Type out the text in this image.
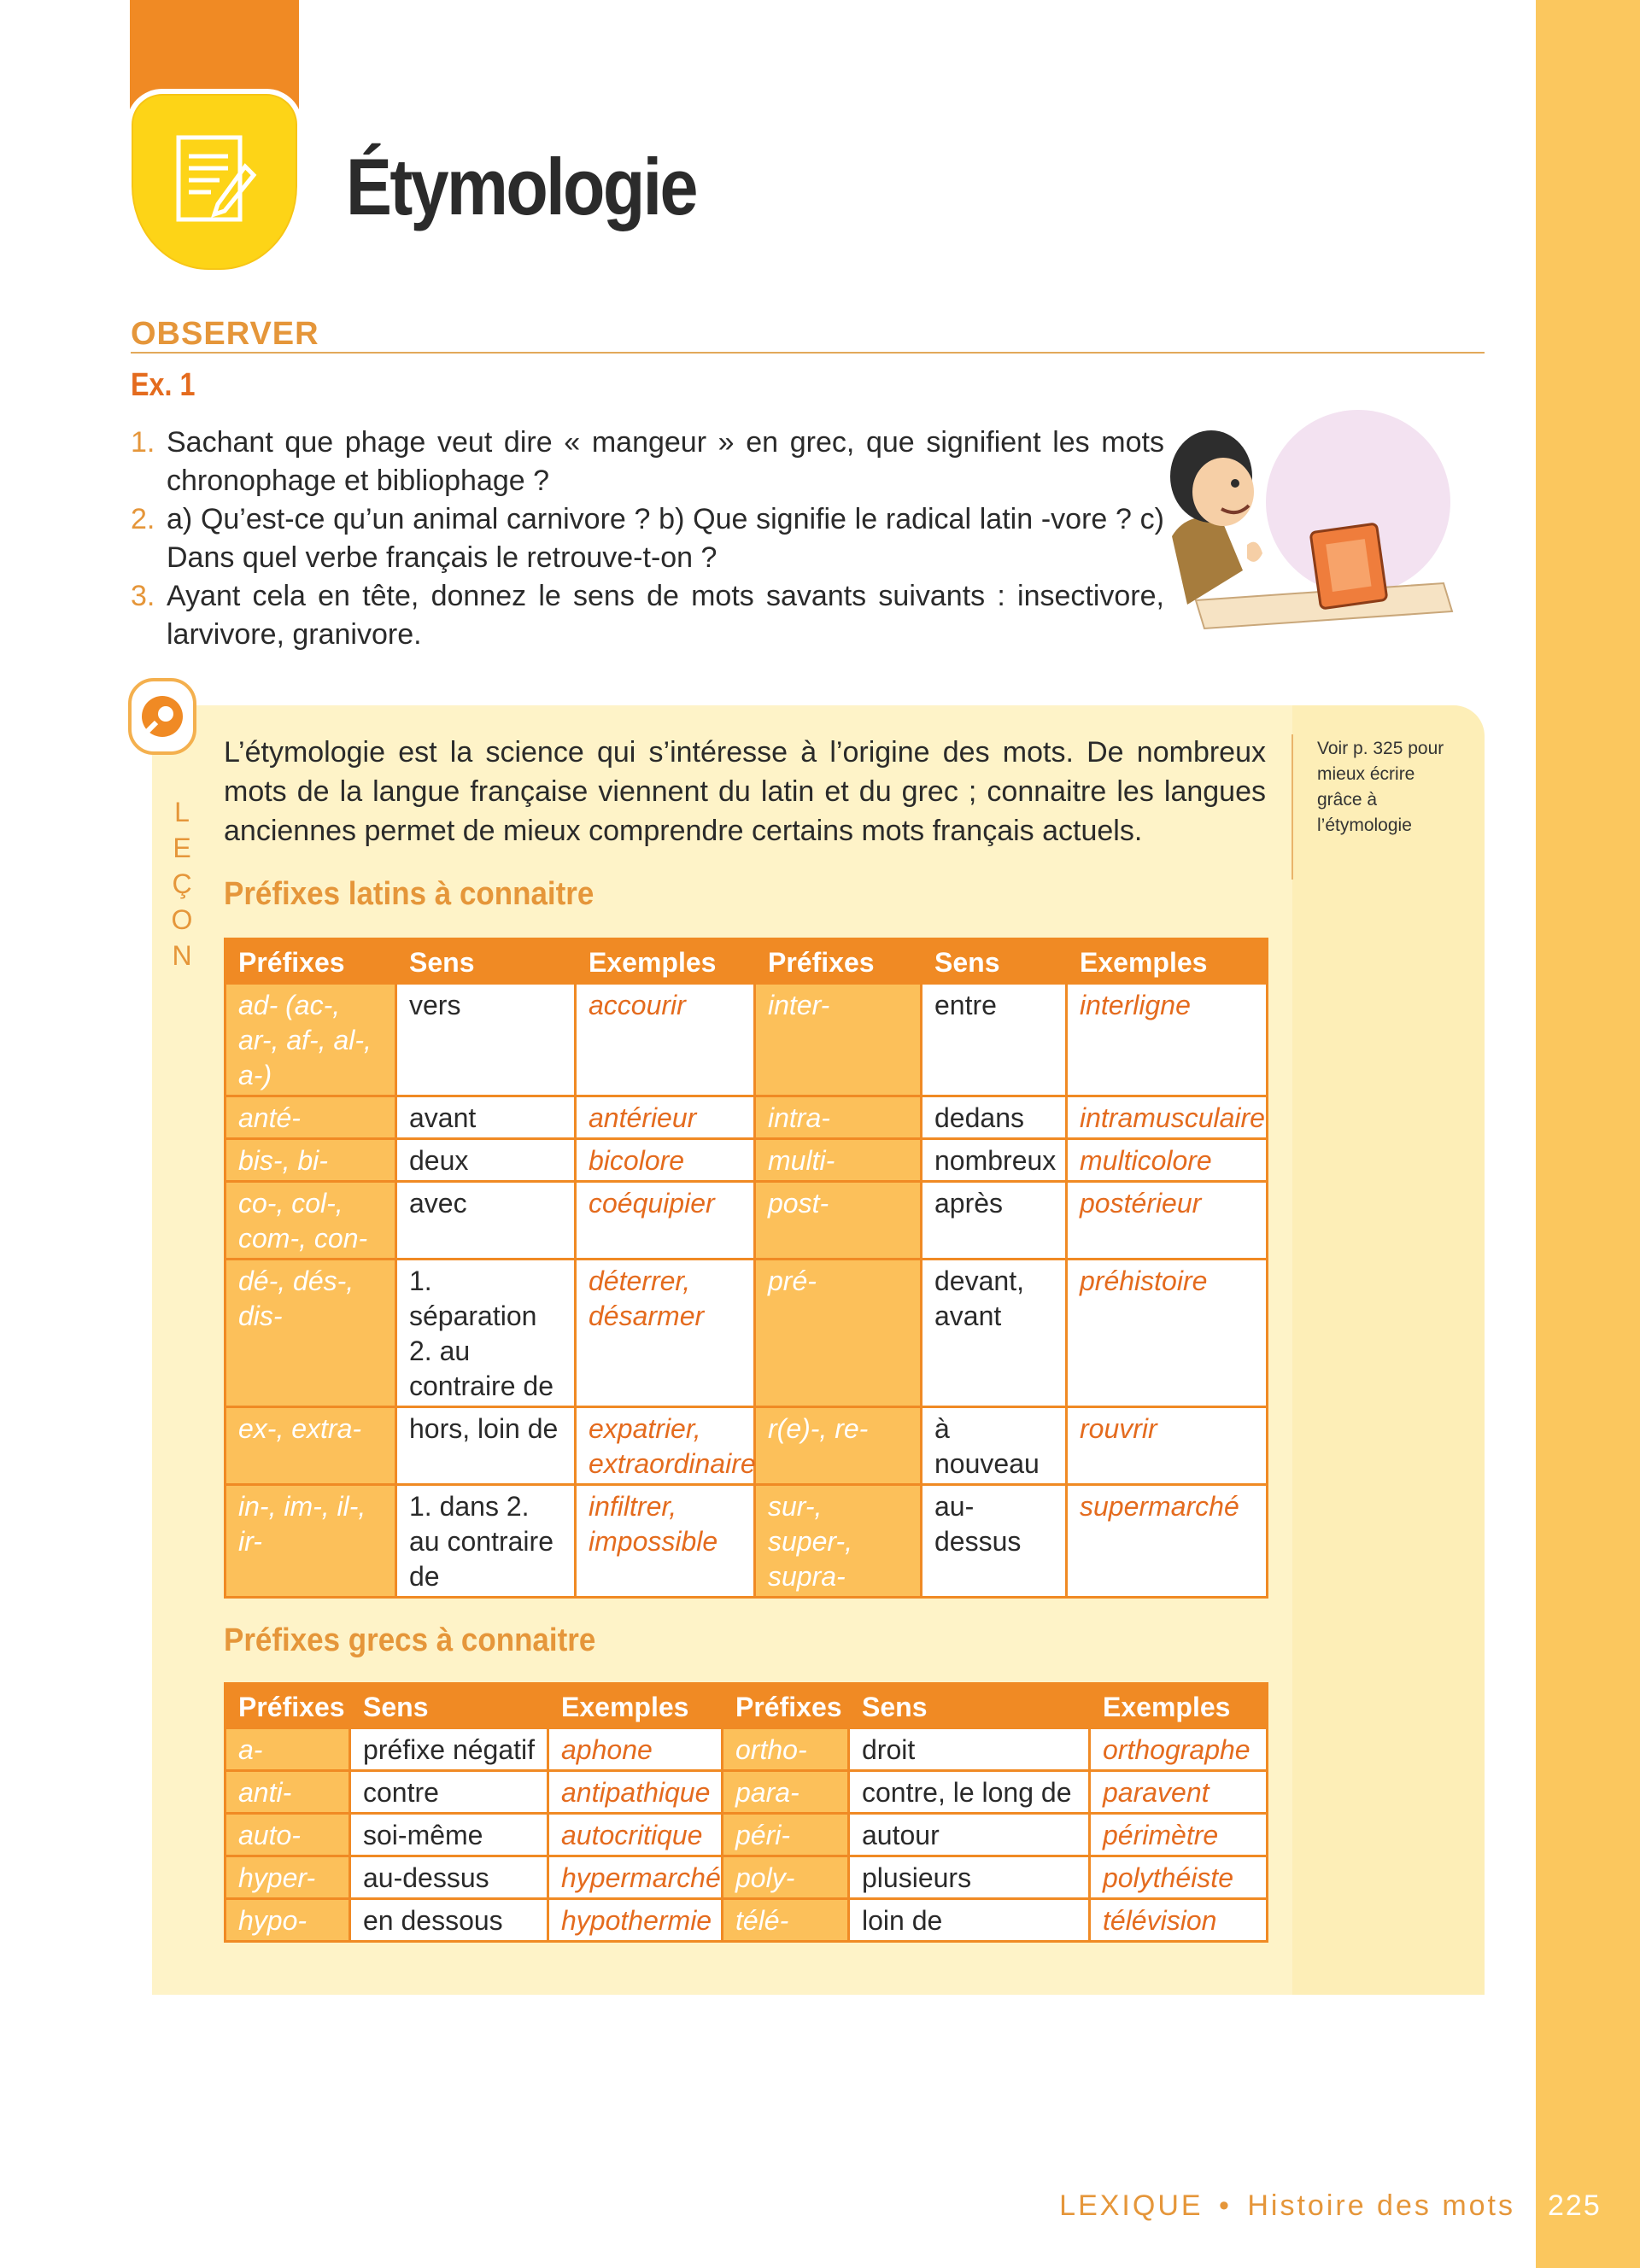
Étymologie
OBSERVER
Ex. 1
1. Sachant que phage veut dire « mangeur » en grec, que signifient les mots chronophage et bibliophage ?
2. a) Qu’est-ce qu’un animal carnivore ? b) Que signifie le radical latin -vore ? c) Dans quel verbe français le retrouve-t-on ?
3. Ayant cela en tête, donnez le sens de mots savants suivants : insectivore, larvivore, granivore.
L
E
Ç
O
N

L’étymologie est la science qui s’intéresse à l’origine des mots. De nombreux mots de la langue française viennent du latin et du grec ; connaitre les langues anciennes permet de mieux comprendre certains mots français actuels.

Voir p. 325 pour mieux écrire grâce à l’étymologie

Préfixes latins à connaitre
Préfixes	Sens	Exemples	Préfixes	Sens	Exemples
ad- (ac-, ar-, af-, al-, a-)	vers	accourir	inter-	entre	interligne
anté-	avant	antérieur	intra-	dedans	intramusculaire
bis-, bi-	deux	bicolore	multi-	nombreux	multicolore
co-, col-, com-, con-	avec	coéquipier	post-	après	postérieur
dé-, dés-, dis-	1. séparation 2. au contraire de	déterrer, désarmer	pré-	devant, avant	préhistoire
ex-, extra-	hors, loin de	expatrier, extraordinaire	r(e)-, re-	à nouveau	rouvrir
in-, im-, il-, ir-	1. dans 2. au contraire de	infiltrer, impossible	sur-, super-, supra-	au-dessus	supermarché
Préfixes grecs à connaitre
Préfixes	Sens	Exemples	Préfixes	Sens	Exemples
a-	préfixe négatif	aphone	ortho-	droit	orthographe
anti-	contre	antipathique	para-	contre, le long de	paravent
auto-	soi-même	autocritique	péri-	autour	périmètre
hyper-	au-dessus	hypermarché	poly-	plusieurs	polythéiste
hypo-	en dessous	hypothermie	télé-	loin de	télévision
LEXIQUE • Histoire des mots 225
